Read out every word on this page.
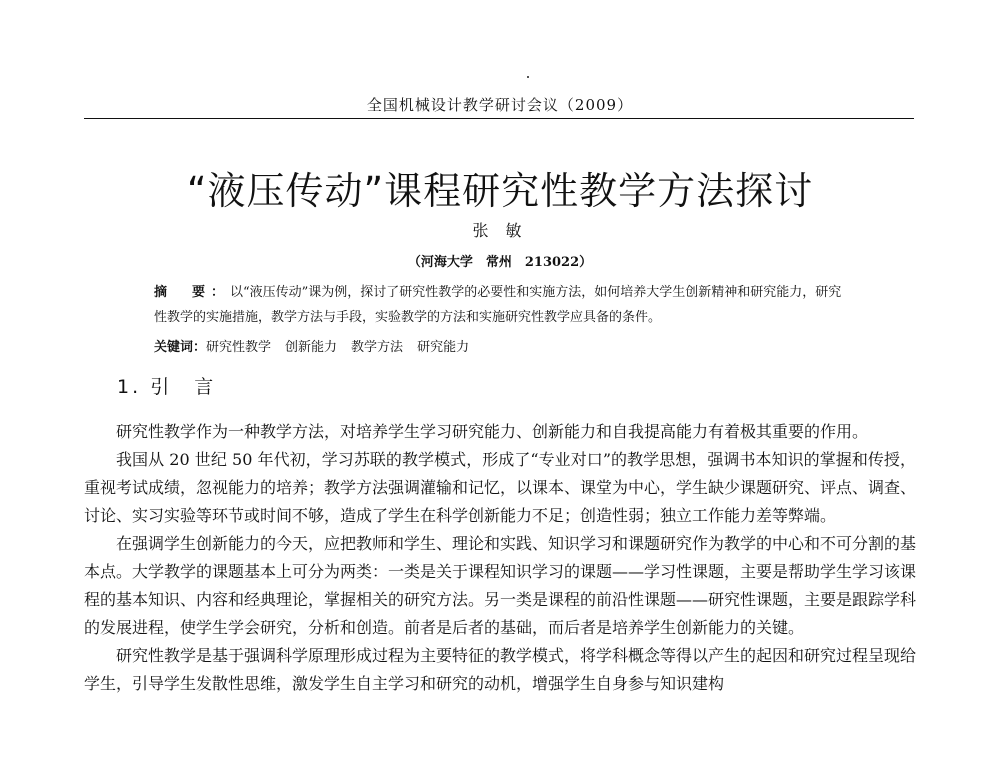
全国机械设计教学研讨会议（2009）
“液压传动”课程研究性教学方法探讨
张 敏
（河海大学　常州　213022）

摘　要：以“液压传动”课为例，探讨了研究性教学的必要性和实施方法，如何培养大学生创新精神和研究能力，研究性教学的实施措施，教学方法与手段，实验教学的方法和实施研究性教学应具备的条件。

关键词：研究性教学 创新能力 教学方法 研究能力
1. 引　言

研究性教学作为一种教学方法，对培养学生学习研究能力、创新能力和自我提高能力有着极其重要的作用。

我国从 20 世纪 50 年代初，学习苏联的教学模式，形成了“专业对口”的教学思想，强调书本知识的掌握和传授，重视考试成绩，忽视能力的培养；教学方法强调灌输和记忆，以课本、课堂为中心，学生缺少课题研究、评点、调查、讨论、实习实验等环节或时间不够，造成了学生在科学创新能力不足；创造性弱；独立工作能力差等弊端。

在强调学生创新能力的今天，应把教师和学生、理论和实践、知识学习和课题研究作为教学的中心和不可分割的基本点。大学教学的课题基本上可分为两类：一类是关于课程知识学习的课题——学习性课题，主要是帮助学生学习该课程的基本知识、内容和经典理论，掌握相关的研究方法。另一类是课程的前沿性课题——研究性课题，主要是跟踪学科的发展进程，使学生学会研究，分析和创造。前者是后者的基础，而后者是培养学生创新能力的关键。

研究性教学是基于强调科学原理形成过程为主要特征的教学模式，将学科概念等得以产生的起因和研究过程呈现给学生，引导学生发散性思维，激发学生自主学习和研究的动机，增强学生自身参与知识建构
